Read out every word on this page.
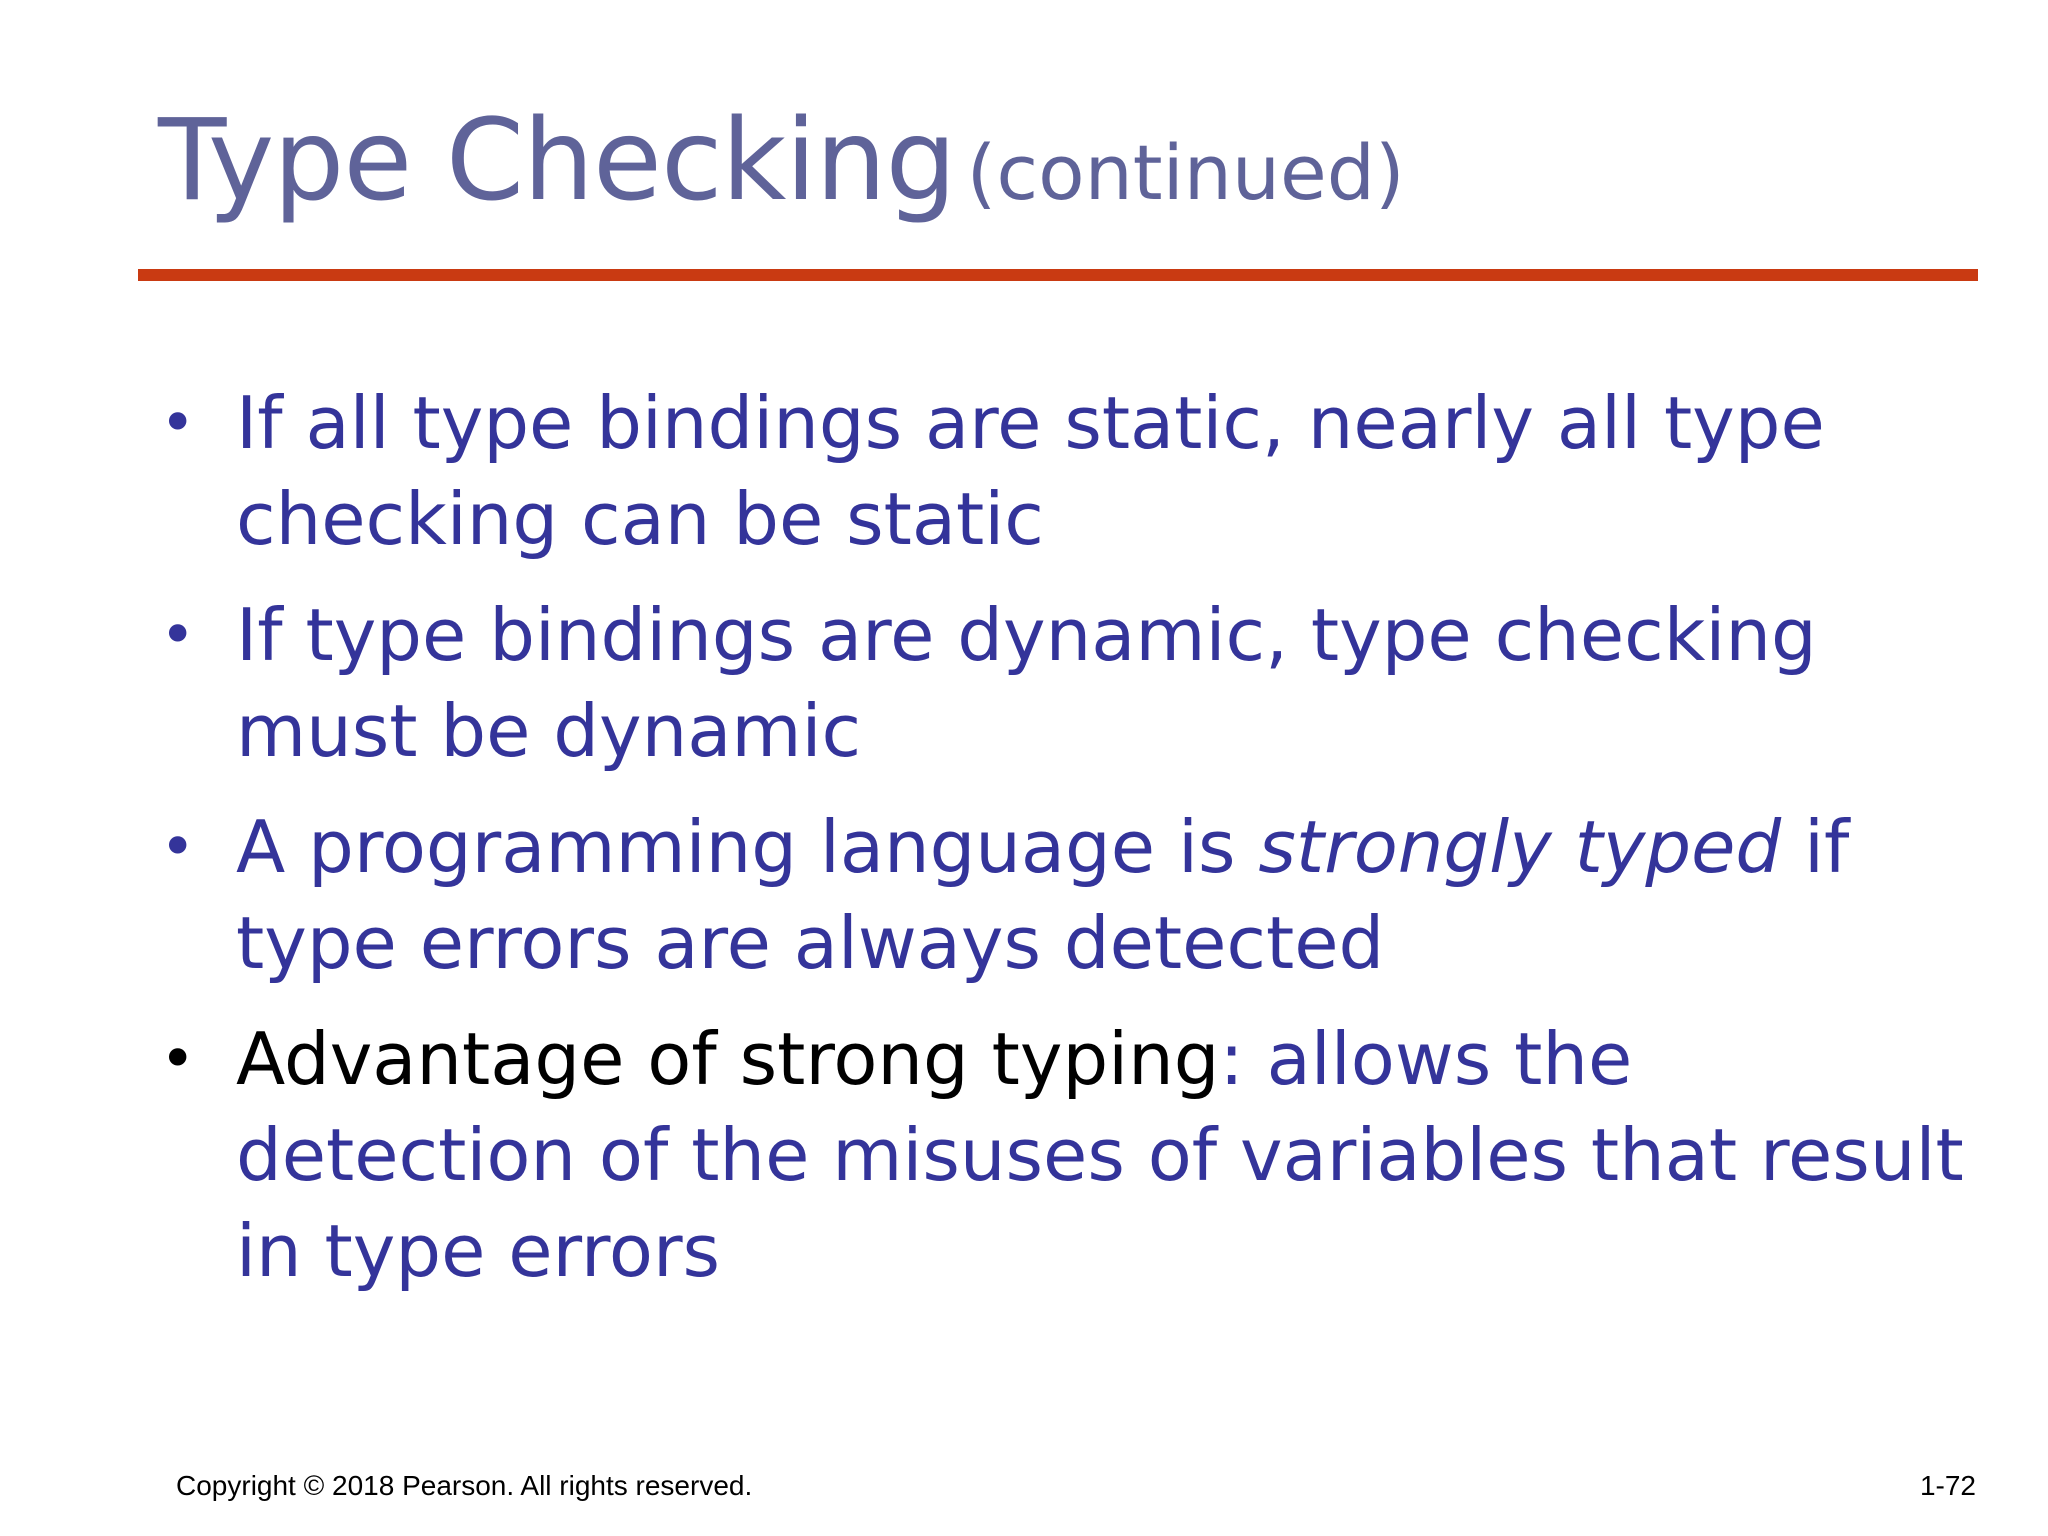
Type Checking (continued)
• If all type bindings are static, nearly all type checking can be static
• If type bindings are dynamic, type checking must be dynamic
• A programming language is strongly typed if type errors are always detected
• Advantage of strong typing: allows the detection of the misuses of variables that result in type errors
Copyright © 2018 Pearson. All rights reserved.	1-72
